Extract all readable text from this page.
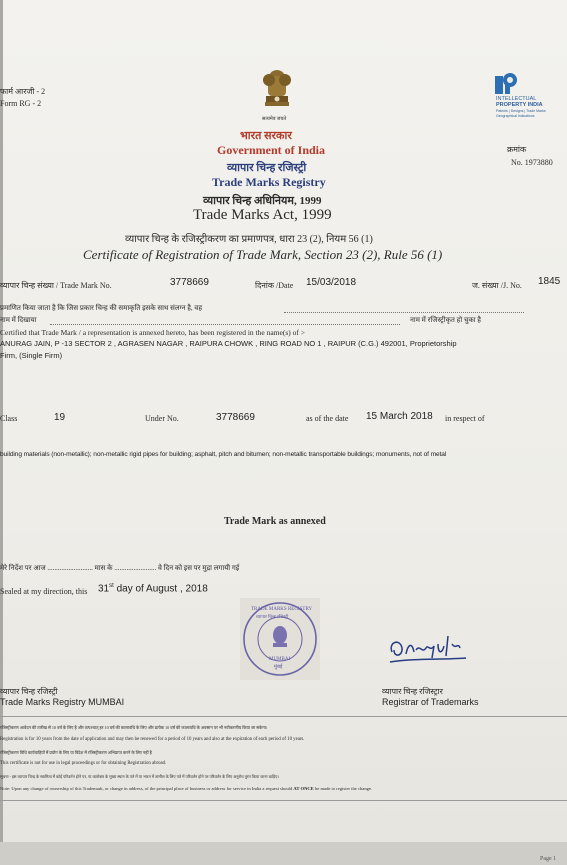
फार्म आरजी - 2
Form RG - 2
सत्यमेव जयते
INTELLECTUAL
PROPERTY INDIA
Patents | Designs | Trade Marks
Geographical Indications
भारत सरकार
Government of India
व्यापार चिन्ह रजिस्ट्री
Trade Marks Registry
व्यापार चिन्ह अधिनियम, 1999
Trade Marks Act, 1999
व्यापार चिन्ह के रजिस्ट्रीकरण का प्रमाणपत्र, धारा 23 (2), नियम 56 (1)
Certificate of Registration of Trade Mark, Section 23 (2), Rule 56 (1)
क्रमांक
No. 1973880
व्यापार चिन्ह संख्या / Trade Mark No.	3778669	दिनांक /Date 15/03/2018	ज. संख्या /J. No. 1845
प्रमाणित किया जाता है कि जिस प्रकार चिन्ह की समाकृति इसके साथ संलग्न है, वह
नाम में दिखाया	नाम में रजिस्ट्रीकृत हो चुका है
Certified that Trade Mark / a representation is annexed hereto, has been registered in the name(s) of >
ANURAG JAIN, P -13 SECTOR 2 , AGRASEN NAGAR , RAIPURA CHOWK , RING ROAD NO 1 , RAIPUR (C.G.) 492001, Proprietorship
Firm, (Single Firm)
Class	19	Under No.	3778669	as of the date 15 March 2018 in respect of
building materials (non-metallic); non-metallic rigid pipes for building; asphalt, pitch and bitumen; non-metallic transportable buildings; monuments, not of metal
Trade Mark as annexed
मेरे निर्देश पर आज .......................... मास के ........................ वे दिन को इस पर मुद्रा लगायी गई
Sealed at my direction, this 31st day of August , 2018
TRADE MARKS REGISTRY
व्यापार चिन्ह रजिस्ट्री
MUMBAI
मुंबई
व्यापार चिन्ह रजिस्ट्री
Trade Marks Registry MUMBAI
व्यापार चिन्ह रजिस्ट्रार
Registrar of Trademarks
रजिस्ट्रीकरण आवेदन की तारीख से 10 वर्ष के लिए है और तत्पश्चात् हर 10 वर्ष की कालावधि के लिए और प्रत्येक 10 वर्ष की कालावधि के अवसान पर भी नवीकरणीय किया जा सकेगा।
Registration is for 10 years from the date of application and may then be renewed for a period of 10 years and also at the expiration of each period of 10 years.
रजिस्ट्रीकरण विधि कार्यवाहियों में प्रयोग के लिए या विदेश में रजिस्ट्रीकरण अभिप्राप्त करने के लिए नहीं है
This certificate is not for use in legal proceedings or for obtaining Registration abroad.
सूचना - इस व्यापार चिन्ह के स्वामित्व में कोई परिवर्तन होने पर, या कारोबार के मुख्य स्थान के पते में या भारत में तामील के लिए पते में परिवर्तन होने पर परिवर्तन के लिए अनुरोध तुरंत किया जाना चाहिए।
Note: Upon any change of ownership of this Trademark, or change in address, of the principal place of business or address for service in India a request should AT ONCE be made to register the change.
Page 1
